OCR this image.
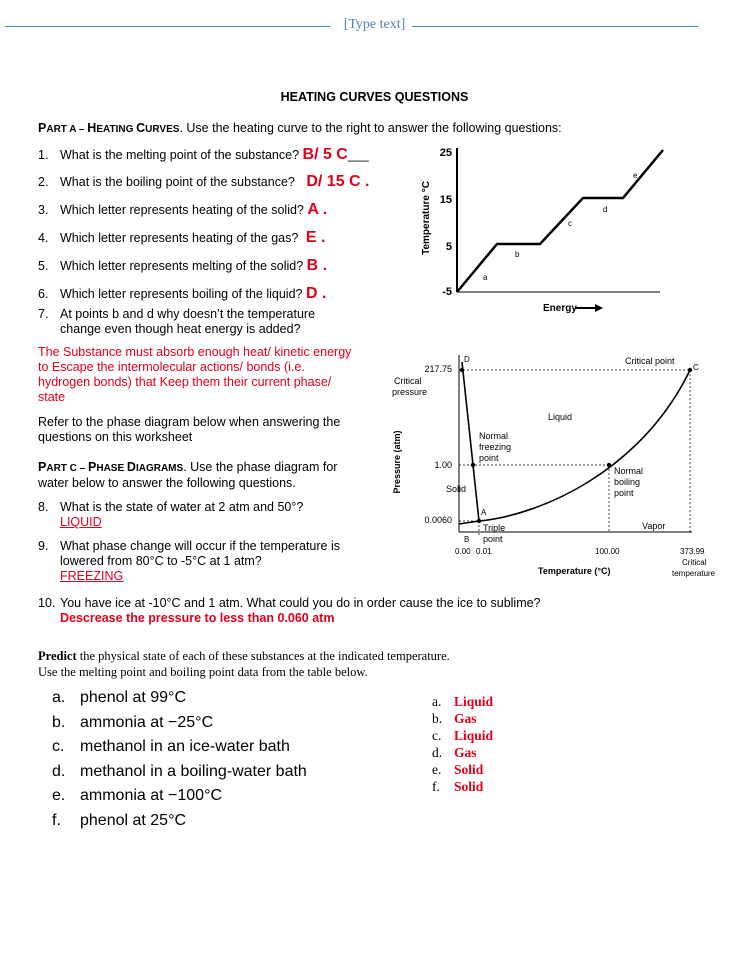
[Type text]
HEATING CURVES QUESTIONS
PART A – HEATING CURVES. Use the heating curve to the right to answer the following questions:
1. What is the melting point of the substance? B/ 5 C___
2. What is the boiling point of the substance? D/ 15 C .
3. Which letter represents heating of the solid? A .
4. Which letter represents heating of the gas? E .
5. Which letter represents melting of the solid? B .
6. Which letter represents boiling of the liquid? D .
7. At points b and d why doesn’t the temperature
change even though heat energy is added?
The Substance must absorb enough heat/ kinetic energy
to Escape the intermolecular actions/ bonds (i.e.
hydrogen bonds) that Keep them their current phase/
state
Refer to the phase diagram below when answering the
questions on this worksheet
PART C – PHASE DIAGRAMS. Use the phase diagram for
water below to answer the following questions.
8. What is the state of water at 2 atm and 50°?
LIQUID
9. What phase change will occur if the temperature is
lowered from 80°C to -5°C at 1 atm?
FREEZING
10. You have ice at -10°C and 1 atm. What could you do in order cause the ice to sublime?
Descrease the pressure to less than 0.060 atm
Predict the physical state of each of these substances at the indicated temperature.
Use the melting point and boiling point data from the table below.
a. phenol at 99°C
b. ammonia at −25°C
c. methanol in an ice-water bath
d. methanol in a boiling-water bath
e. ammonia at −100°C
f. phenol at 25°C
a. Liquid
b. Gas
c. Liquid
d. Gas
e. Solid
f. Solid
Temperature °C
25
15
5
-5
a
b
c
d
e
Energy
Pressure (atm)
217.75
Critical
pressure
1.00
0.0060
D
C
A
B
Critical point
Liquid
Solid
Vapor
Normal freezing point
Normal boiling point
Triple point
0.00 0.01	100.00	373.99
Critical
temperature
Temperature (°C)
